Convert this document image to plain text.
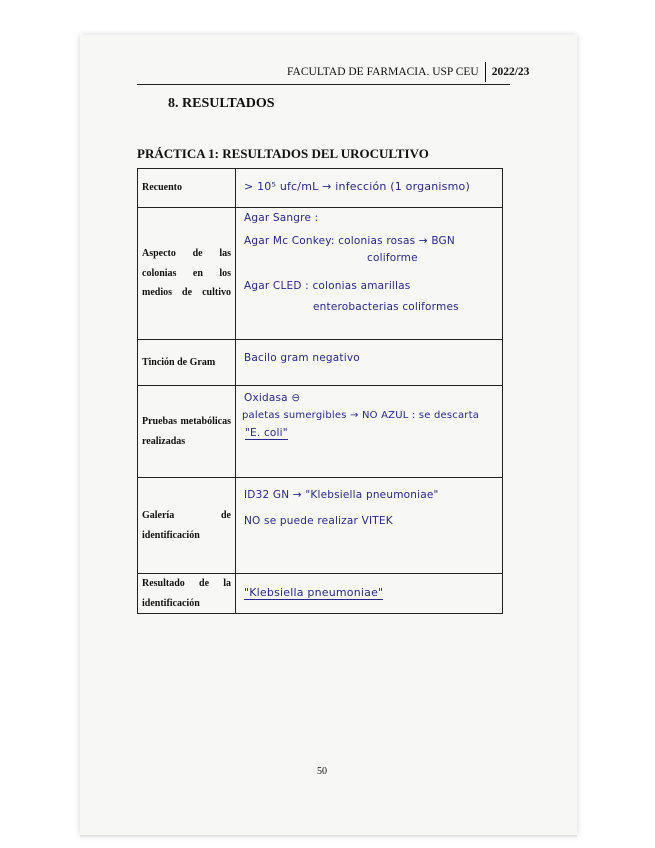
FACULTAD DE FARMACIA. USP CEU 2022/23
8. RESULTADOS
PRÁCTICA 1: RESULTADOS DEL UROCULTIVO
Recuento	> 10⁵ ufc/mL → infección (1 organismo)

Aspecto de las colonias en los medios de cultivo	Agar Sangre :
Agar Mc Conkey: colonias rosas → BGN
coliforme
Agar CLED : colonias amarillas
enterobacterias coliformes

Tinción de Gram	Bacilo gram negativo

Pruebas metabólicas realizadas	Oxidasa ⊖
paletas sumergibles → NO AZUL : se descarta
"E. coli"

Galería de identificación	ID32 GN → "Klebsiella pneumoniae"
NO se puede realizar VITEK

Resultado de la identificación	"Klebsiella pneumoniae"
50
